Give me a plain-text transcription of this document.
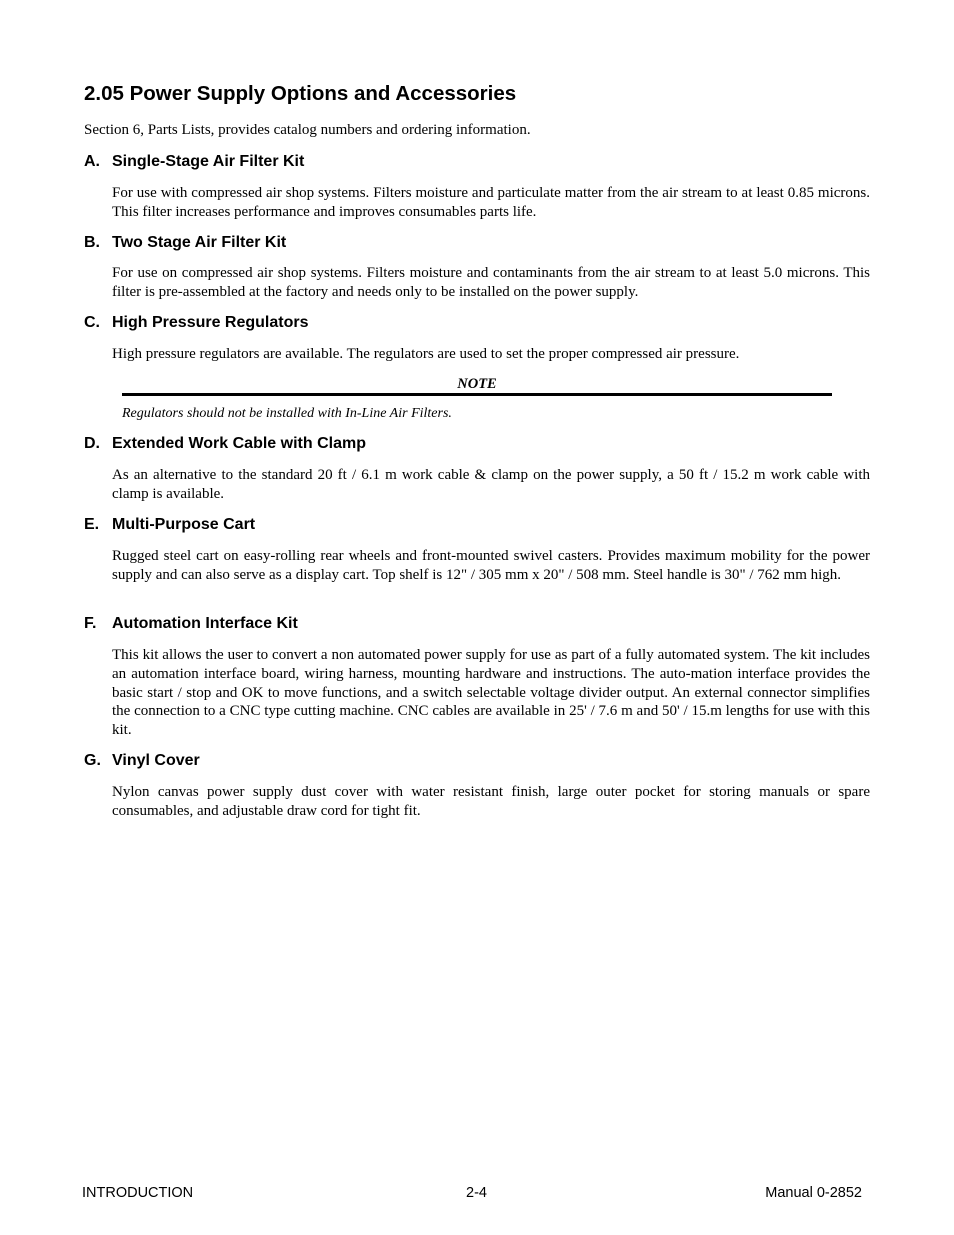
2.05 Power Supply Options and Accessories

Section 6, Parts Lists, provides catalog numbers and ordering information.

A. Single-Stage Air Filter Kit

For use with compressed air shop systems. Filters moisture and particulate matter from the air stream to at least 0.85 microns. This filter increases performance and improves consumables parts life.

B. Two Stage Air Filter Kit

For use on compressed air shop systems. Filters moisture and contaminants from the air stream to at least 5.0 microns. This filter is pre-assembled at the factory and needs only to be installed on the power supply.

C. High Pressure Regulators

High pressure regulators are available. The regulators are used to set the proper compressed air pressure.

NOTE

Regulators should not be installed with In-Line Air Filters.

D. Extended Work Cable with Clamp

As an alternative to the standard 20 ft / 6.1 m work cable & clamp on the power supply, a 50 ft / 15.2 m work cable with clamp is available.

E. Multi-Purpose Cart

Rugged steel cart on easy-rolling rear wheels and front-mounted swivel casters. Provides maximum mobility for the power supply and can also serve as a display cart. Top shelf is 12" / 305 mm x 20" / 508 mm. Steel handle is 30" / 762 mm high.

F. Automation Interface Kit

This kit allows the user to convert a non automated power supply for use as part of a fully automated system. The kit includes an automation interface board, wiring harness, mounting hardware and instructions. The auto-mation interface provides the basic start / stop and OK to move functions, and a switch selectable voltage divider output. An external connector simplifies the connection to a CNC type cutting machine. CNC cables are available in 25' / 7.6 m and 50' / 15.m lengths for use with this kit.

G. Vinyl Cover

Nylon canvas power supply dust cover with water resistant finish, large outer pocket for storing manuals or spare consumables, and adjustable draw cord for tight fit.

INTRODUCTION	2-4	Manual 0-2852
